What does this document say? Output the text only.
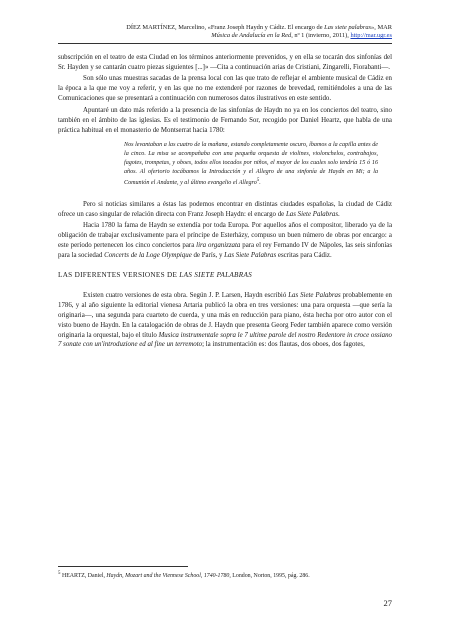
DÍEZ MARTÍNEZ, Marcelino, «Franz Joseph Haydn y Cádiz. El encargo de Las siete palabras», MAR
Música de Andalucía en la Red, nº 1 (invierno, 2011), http://mar.ugr.es

subscripción en el teatro de esta Ciudad en los términos anteriormente prevenidos, y en ella se tocarán dos sinfonías del Sr. Hayden y se cantarán cuatro piezas siguientes [...]» —Cita a continuación arias de Cristiani, Zingarelli, Fiorabanti—.

Son sólo unas muestras sacadas de la prensa local con las que trato de reflejar el ambiente musical de Cádiz en la época a la que me voy a referir, y en las que no me extenderé por razones de brevedad, remitiéndoles a una de las Comunicaciones que se presentará a continuación con numerosos datos ilustrativos en este sentido.

Apuntaré un dato más referido a la presencia de las sinfonías de Haydn no ya en los conciertos del teatro, sino también en el ámbito de las iglesias. Es el testimonio de Fernando Sor, recogido por Daniel Heartz, que habla de una práctica habitual en el monasterio de Montserrat hacia 1780:

Nos levantaban a las cuatro de la mañana, estando completamente oscuro, íbamos a la capilla antes de la cinco. La misa se acompañaba con una pequeña orquesta de violines, violonchelos, contrabajos, fagotes, trompetas, y oboes, todos ellos tocados por niños, el mayor de los cuales solo tendría 15 ó 16 años. Al ofertorio tocábamos la Introducción y el Allegro de una sinfonía de Haydn en Mi; a la Comunión el Andante, y al último evangelio el Allegro$^5$.

Pero si noticias similares a éstas las podemos encontrar en distintas ciudades españolas, la ciudad de Cádiz ofrece un caso singular de relación directa con Franz Joseph Haydn: el encargo de Las Siete Palabras.

Hacia 1780 la fama de Haydn se extendía por toda Europa. Por aquellos años el compositor, liberado ya de la obligación de trabajar exclusivamente para el príncipe de Esterházy, compuso un buen número de obras por encargo: a este período pertenecen los cinco conciertos para lira organizzata para el rey Fernando IV de Nápoles, las seis sinfonías para la sociedad Concerts de la Loge Olympique de París, y Las Siete Palabras escritas para Cádiz.

LAS DIFERENTES VERSIONES DE LAS SIETE PALABRAS

Existen cuatro versiones de esta obra. Según J. P. Larsen, Haydn escribió Las Siete Palabras probablemente en 1786, y al año siguiente la editorial vienesa Artaria publicó la obra en tres versiones: una para orquesta —que sería la originaria—, una segunda para cuarteto de cuerda, y una más en reducción para piano, ésta hecha por otro autor con el visto bueno de Haydn. En la catalogación de obras de J. Haydn que presenta Georg Feder también aparece como versión originaria la orquestal, bajo el título Musica instrumentale sopra le 7 ultime parole del nostro Redentore in croce ossiano 7 sonate con un'introduzione ed al fine un terremoto; la instrumentación es: dos flautas, dos oboes, dos fagotes,

$^5$ HEARTZ, Daniel, Haydn, Mozart and the Viennese School, 1740-1780, London, Norton, 1995, pág. 286.
27
